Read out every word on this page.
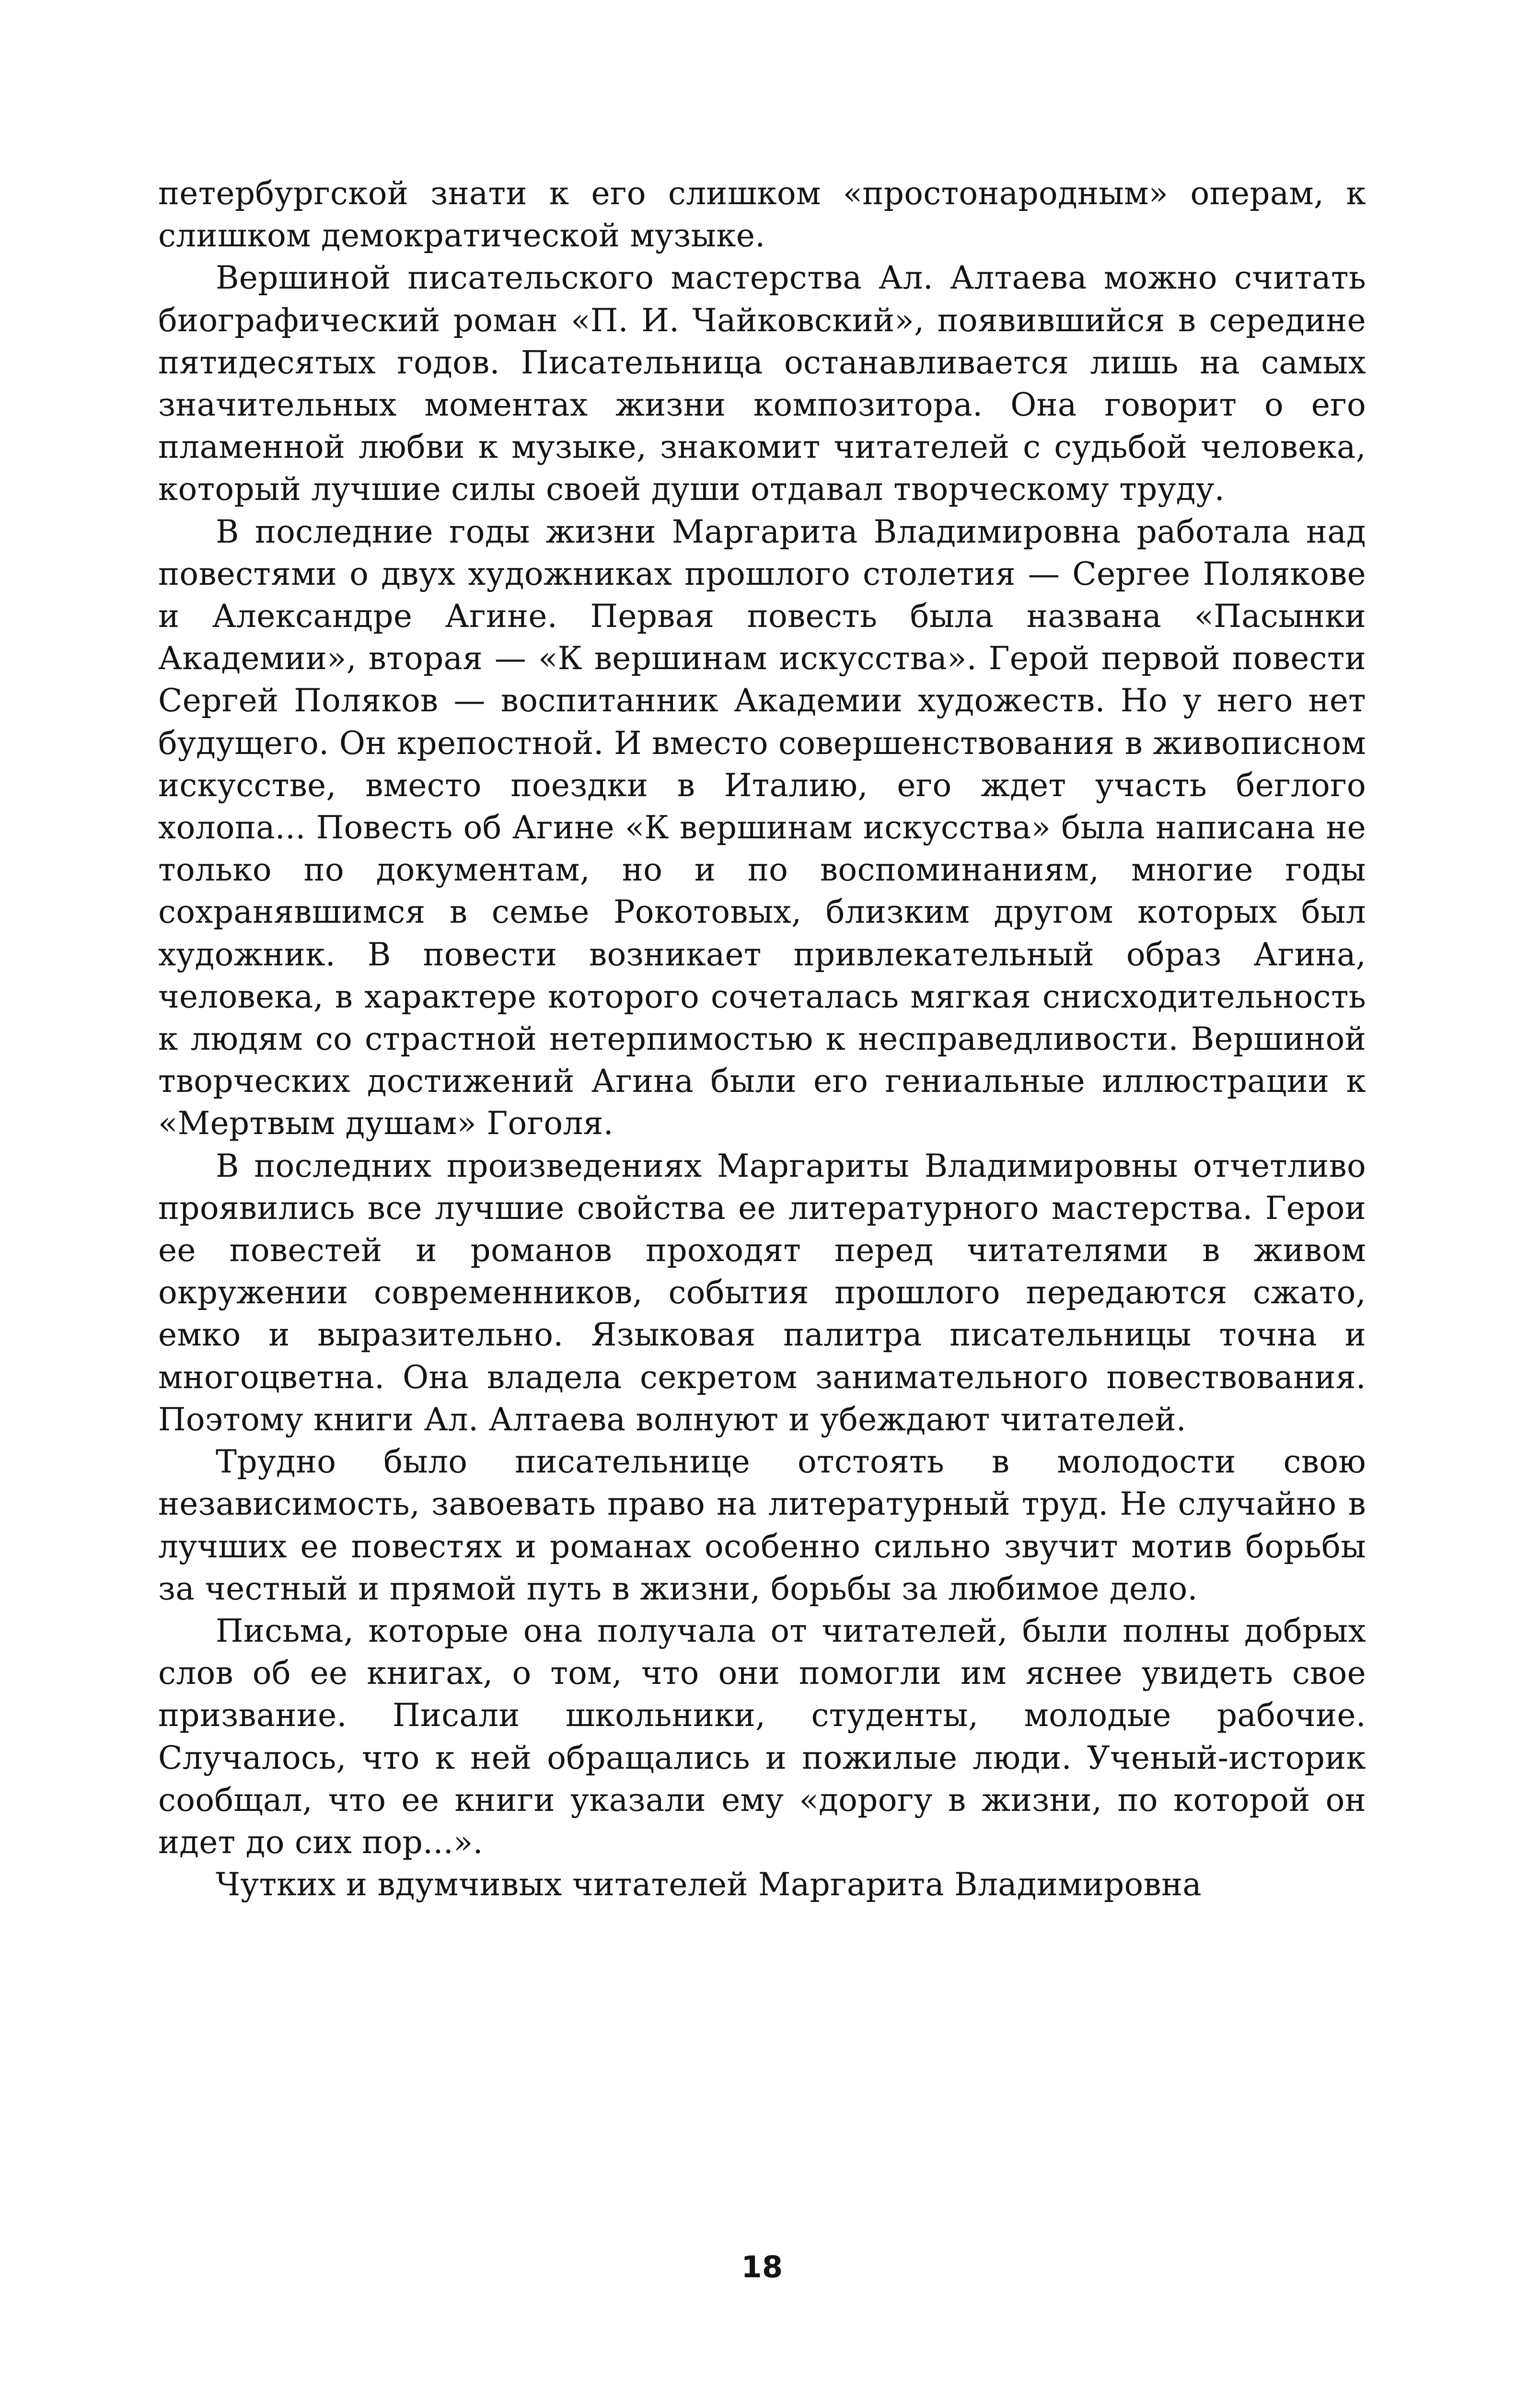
петербургской знати к его слишком «простонародным» операм, к слишком демократической музыке.

Вершиной писательского мастерства Ал. Алтаева можно считать биографический роман «П. И. Чайковский», появившийся в середине пятидесятых годов. Писательница останавливается лишь на самых значительных моментах жизни композитора. Она говорит о его пламенной любви к музыке, знакомит читателей с судьбой человека, который лучшие силы своей души отдавал творческому труду.

В последние годы жизни Маргарита Владимировна работала над повестями о двух художниках прошлого столетия — Сергее Полякове и Александре Агине. Первая повесть была названа «Пасынки Академии», вторая — «К вершинам искусства». Герой первой повести Сергей Поляков — воспитанник Академии художеств. Но у него нет будущего. Он крепостной. И вместо совершенствования в живописном искусстве, вместо поездки в Италию, его ждет участь беглого холопа... Повесть об Агине «К вершинам искусства» была написана не только по документам, но и по воспоминаниям, многие годы сохранявшимся в семье Рокотовых, близким другом которых был художник. В повести возникает привлекательный образ Агина, человека, в характере которого сочеталась мягкая снисходительность к людям со страстной нетерпимостью к несправедливости. Вершиной творческих достижений Агина были его гениальные иллюстрации к «Мертвым душам» Гоголя.

В последних произведениях Маргариты Владимировны отчетливо проявились все лучшие свойства ее литературного мастерства. Герои ее повестей и романов проходят перед читателями в живом окружении современников, события прошлого передаются сжато, емко и выразительно. Языковая палитра писательницы точна и многоцветна. Она владела секретом занимательного повествования. Поэтому книги Ал. Алтаева волнуют и убеждают читателей.

Трудно было писательнице отстоять в молодости свою независимость, завоевать право на литературный труд. Не случайно в лучших ее повестях и романах особенно сильно звучит мотив борьбы за честный и прямой путь в жизни, борьбы за любимое дело.

Письма, которые она получала от читателей, были полны добрых слов об ее книгах, о том, что они помогли им яснее увидеть свое призвание. Писали школьники, студенты, молодые рабочие. Случалось, что к ней обращались и пожилые люди. Ученый-историк сообщал, что ее книги указали ему «дорогу в жизни, по которой он идет до сих пор...».

Чутких и вдумчивых читателей Маргарита Владимировна

18
